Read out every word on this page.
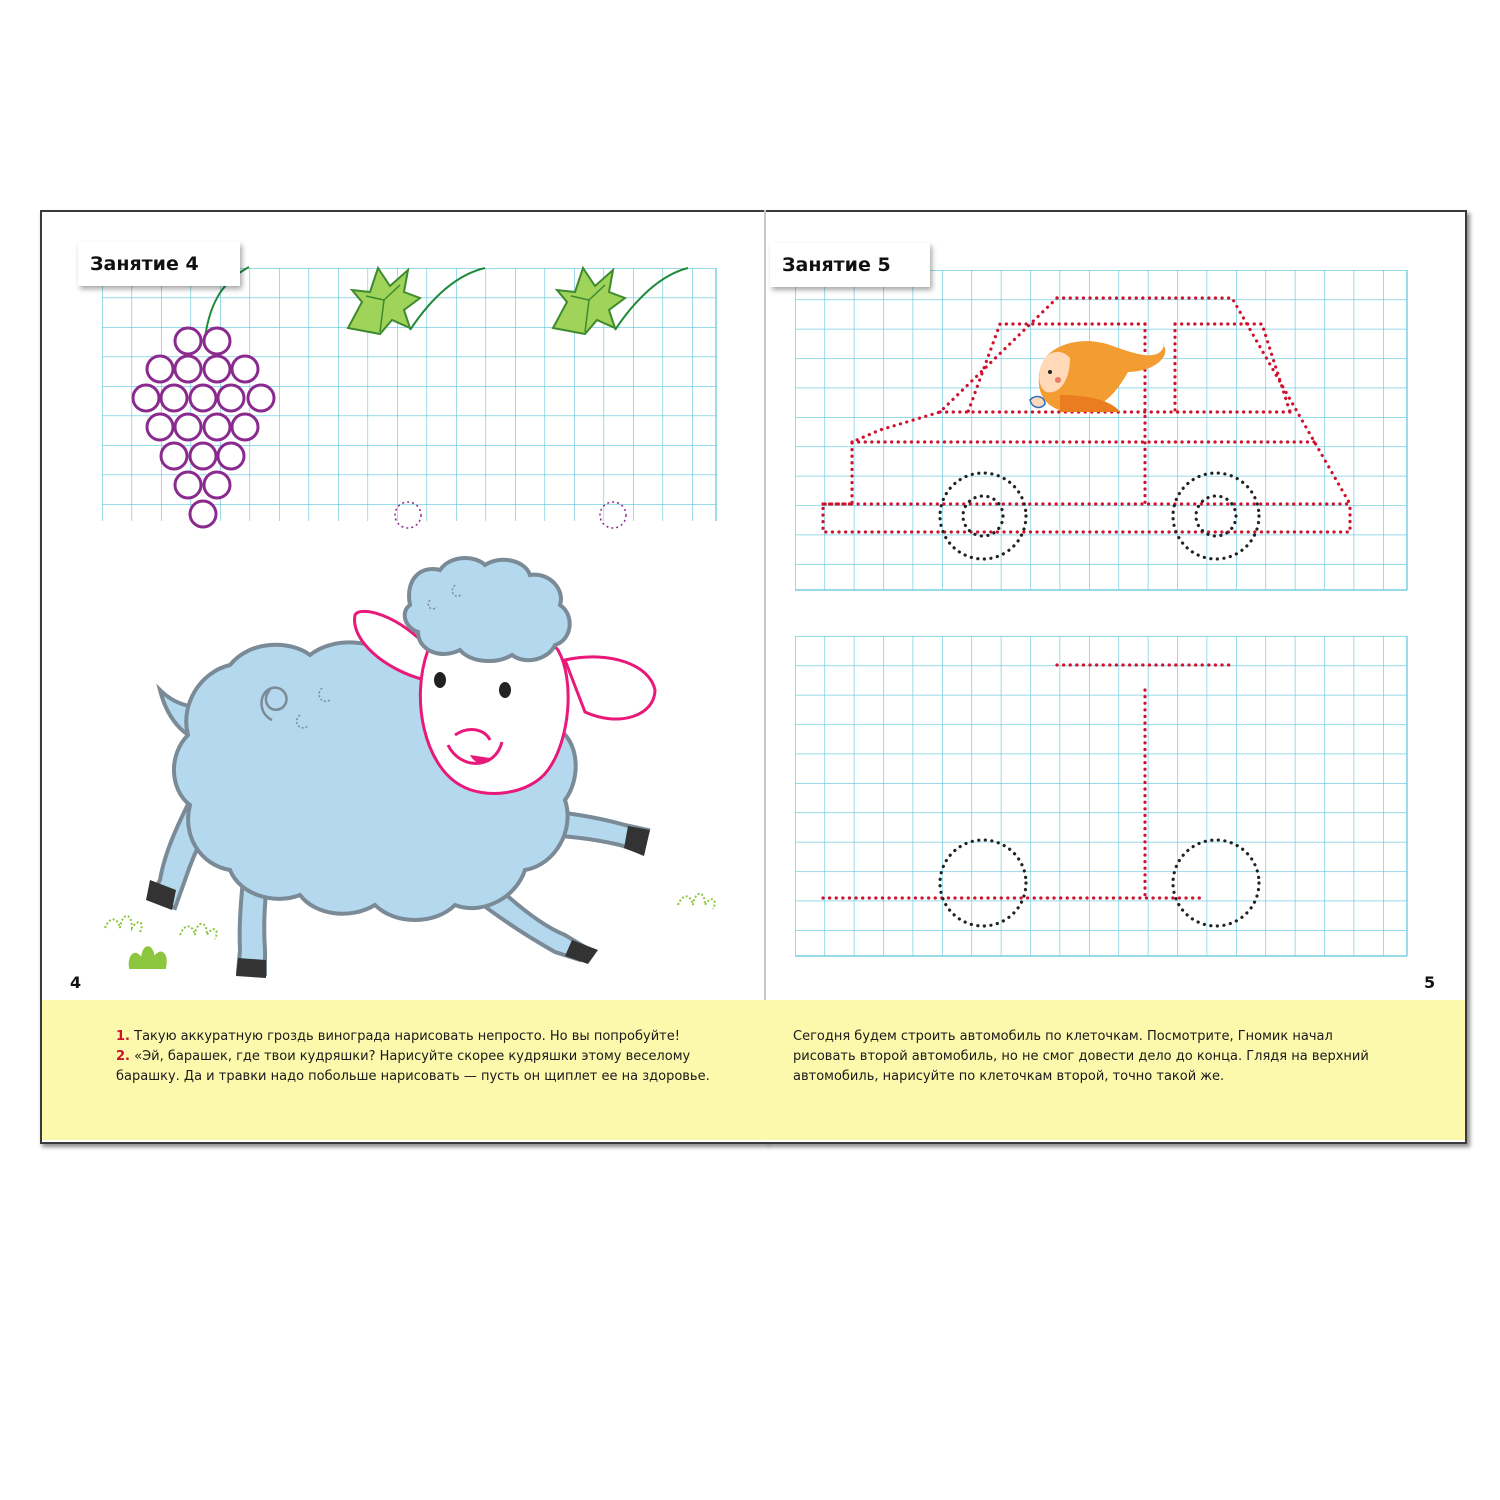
Занятие 4	Занятие 5
4	5

1. Такую аккуратную гроздь винограда нарисовать непросто. Но вы попробуйте!

2. «Эй, барашек, где твои кудряшки? Нарисуйте скорее кудряшки этому веселому барашку. Да и травки надо побольше нарисовать — пусть он щиплет ее на здоровье.

Сегодня будем строить автомобиль по клеточкам. Посмотрите, Гномик начал рисовать второй автомобиль, но не смог довести дело до конца. Глядя на верхний автомобиль, нарисуйте по клеточкам второй, точно такой же.
